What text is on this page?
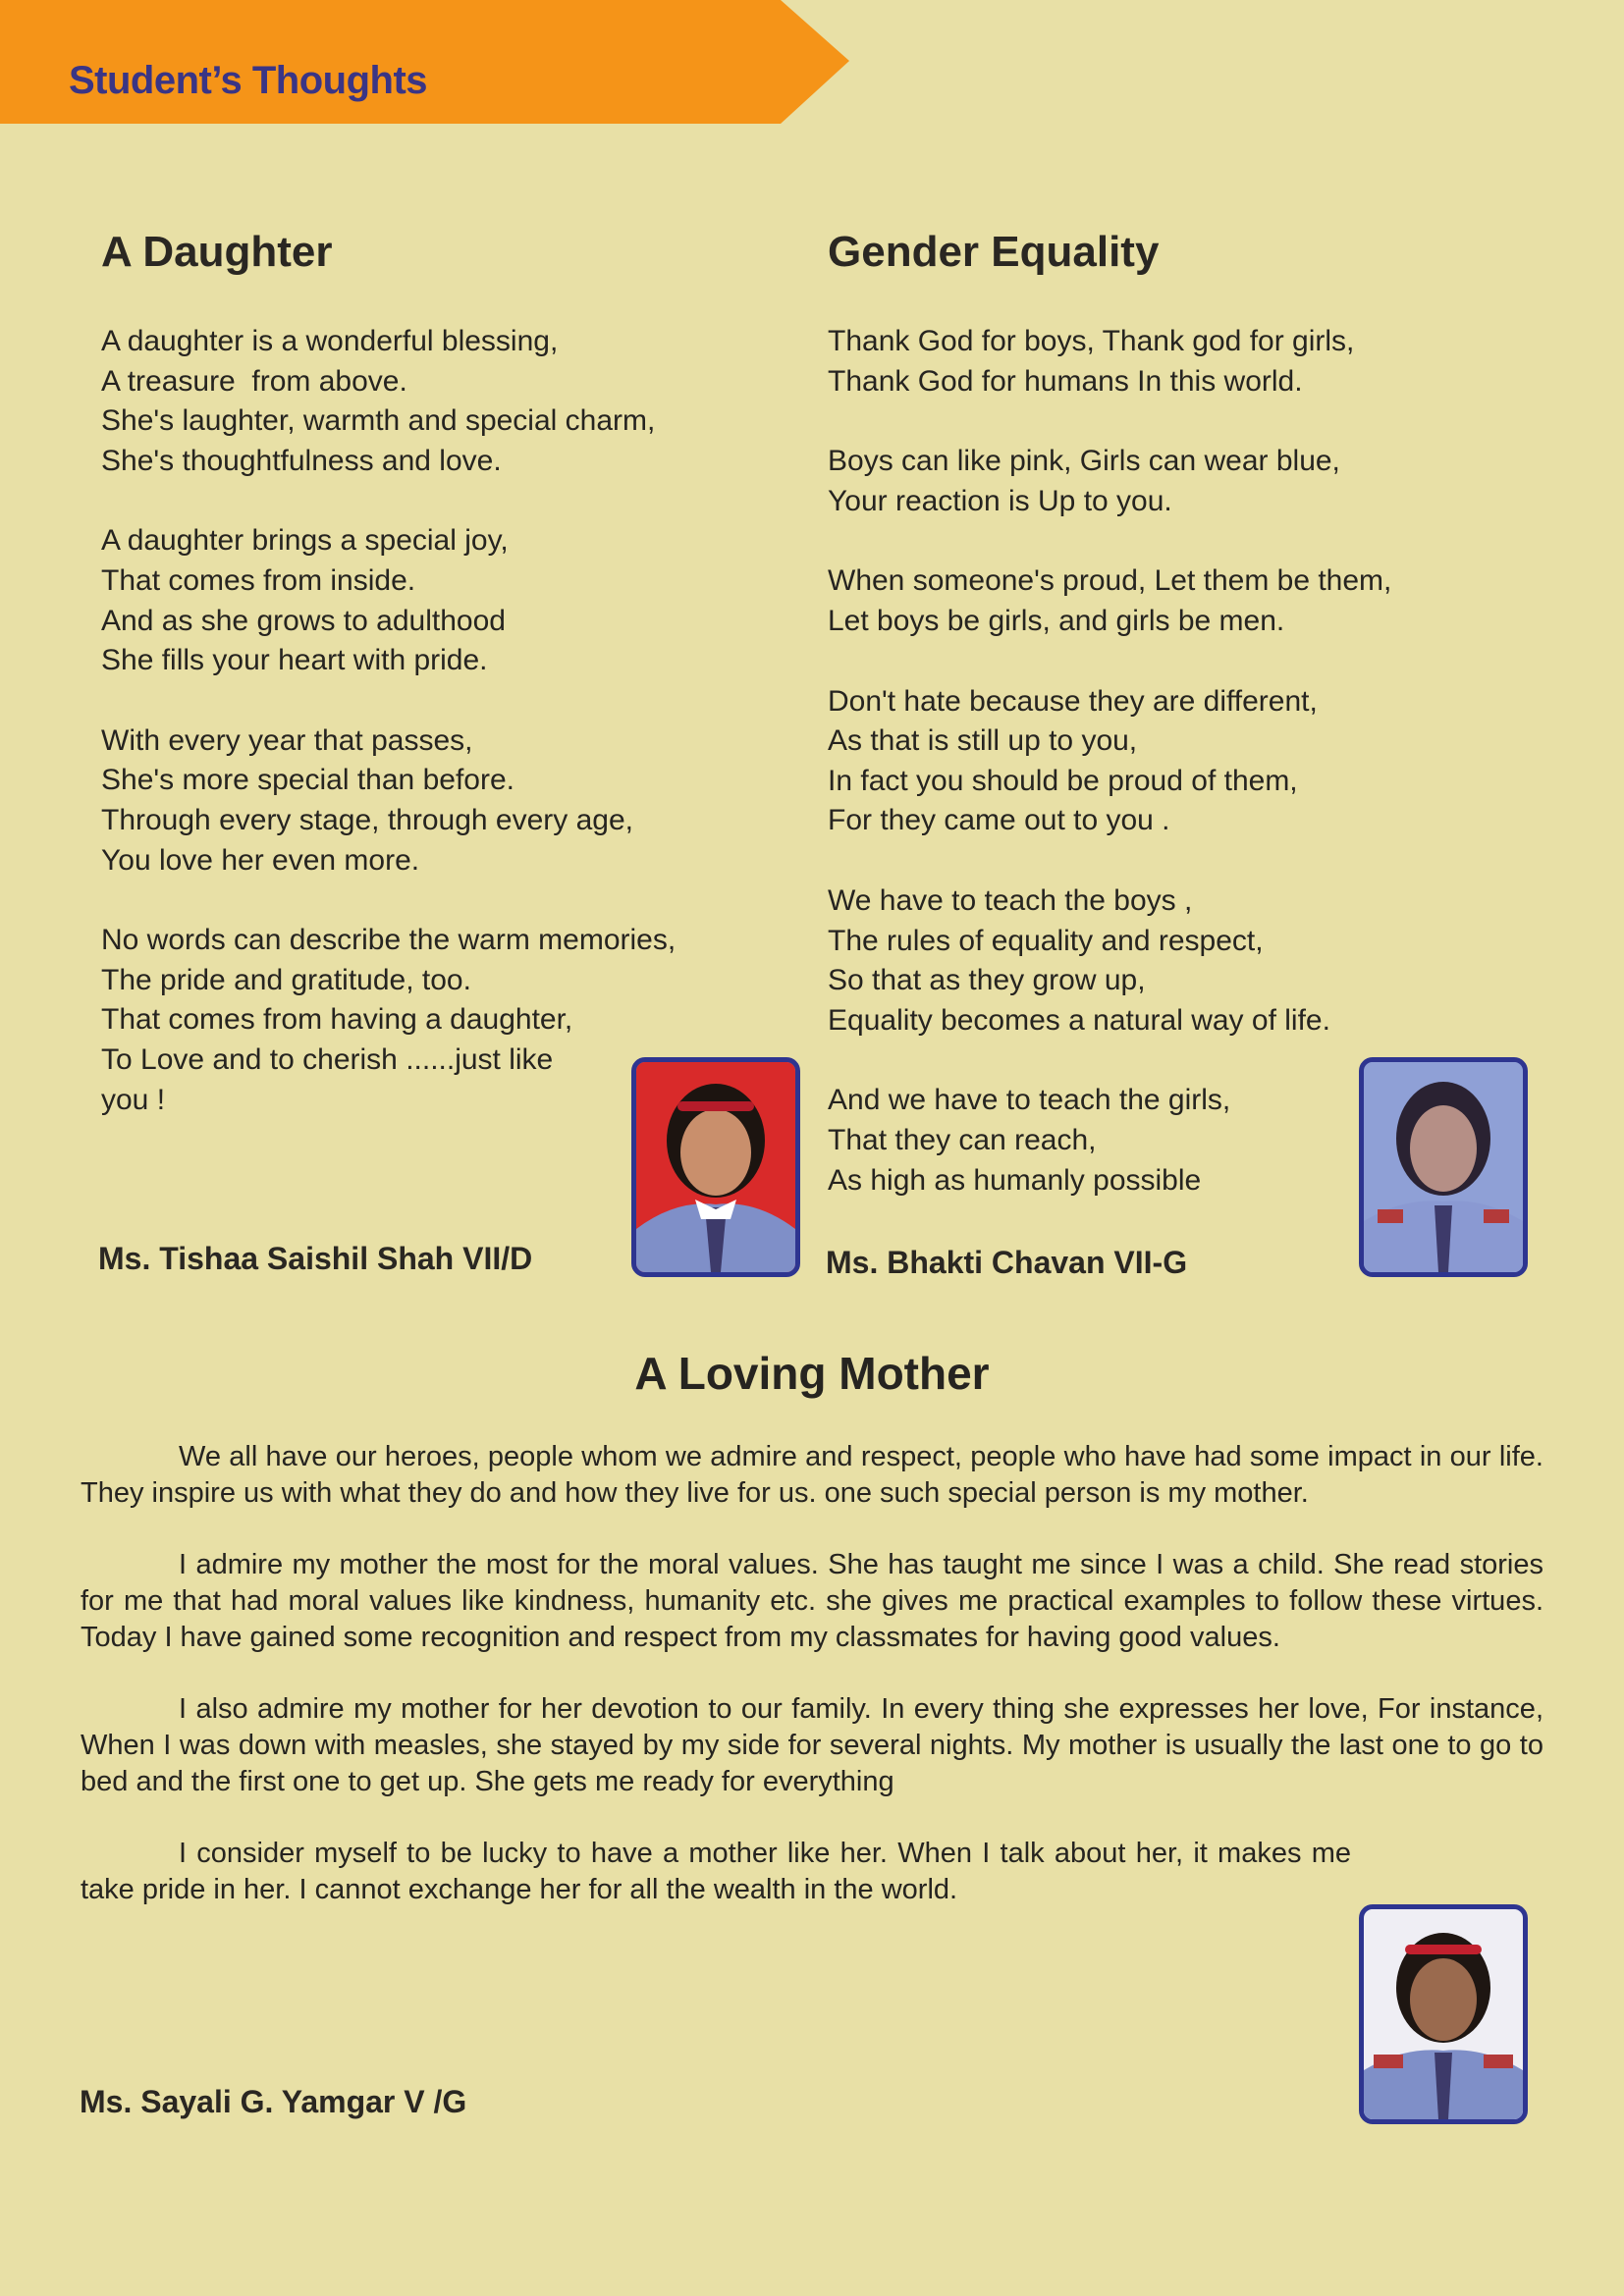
Student’s Thoughts
A Daughter
A daughter is a wonderful blessing,
A treasure  from above.
She's laughter, warmth and special charm,
She's thoughtfulness and love.
A daughter brings a special joy,
That comes from inside.
And as she grows to adulthood
She fills your heart with pride.
With every year that passes,
She's more special than before.
Through every stage, through every age,
You love her even more.
No words can describe the warm memories,
The pride and gratitude, too.
That comes from having a daughter,
To Love and to cherish ......just like
you !
Ms. Tishaa Saishil Shah VII/D
Gender Equality
Thank God for boys, Thank god for girls,
Thank God for humans In this world.
Boys can like pink, Girls can wear blue,
Your reaction is Up to you.
When someone's proud, Let them be them,
Let boys be girls, and girls be men.
Don't hate because they are different,
As that is still up to you,
In fact you should be proud of them,
For they came out to you .
We have to teach the boys ,
The rules of equality and respect,
So that as they grow up,
Equality becomes a natural way of life.
And we have to teach the girls,
That they can reach,
As high as humanly possible
Ms. Bhakti Chavan VII-G
A Loving Mother

We all have our heroes, people whom we admire and respect, people who have had some impact in our life. They inspire us with what they do and how they live for us. one such special person is my mother.

I admire my mother the most for the moral values. She has taught me since I was a child. She read stories for me that had moral values like kindness, humanity etc. she gives me practical examples to follow these virtues. Today I have gained some recognition and respect from my classmates for having good values.

I also admire my mother for her devotion to our family. In every thing she expresses her love, For instance, When I was down with measles, she stayed by my side for several nights. My mother is usually the last one to go to bed and the first one to get up. She gets me ready for everything

I consider myself to be lucky to have a mother like her. When I talk about her, it makes me take pride in her. I cannot exchange her for all the wealth in the world.

Ms. Sayali G. Yamgar V /G
